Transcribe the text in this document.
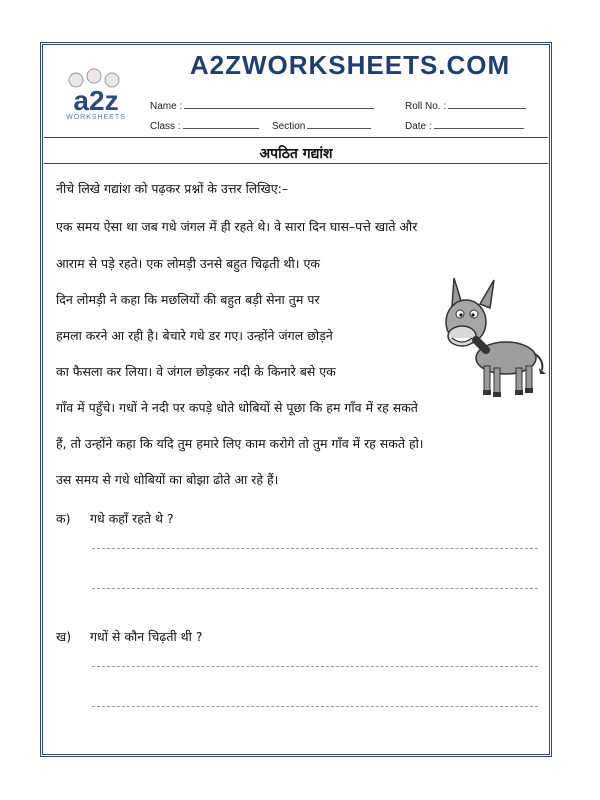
A2ZWORKSHEETS.COM
a2z
WORKSHEETS
Name :	Roll No. :
Class :	Section	Date :
अपठित गद्यांश
नीचे लिखे गद्यांश को पढ़कर प्रश्नों के उत्तर लिखिए:–
एक समय ऐसा था जब गधे जंगल में ही रहते थे। वे सारा दिन घास–पत्ते खाते और
आराम से पड़े रहते। एक लोमड़ी उनसे बहुत चिढ़ती थी। एक
दिन लोमड़ी ने कहा कि मछलियों की बहुत बड़ी सेना तुम पर
हमला करने आ रही है। बेचारे गधे डर गए। उन्होंने जंगल छोड़ने
का फैसला कर लिया। वे जंगल छोड़कर नदी के किनारे बसे एक
गाँव में पहुँचे। गधों ने नदी पर कपड़े धोते धोबियों से पूछा कि हम गाँव में रह सकते
हैं, तो उन्होंने कहा कि यदि तुम हमारे लिए काम करोगे तो तुम गाँव में रह सकते हो।
उस समय से गधे धोबियों का बोझा ढोते आ रहे हैं।
क) गधे कहाँ रहते थे ?
ख) गधों से कौन चिढ़ती थी ?
